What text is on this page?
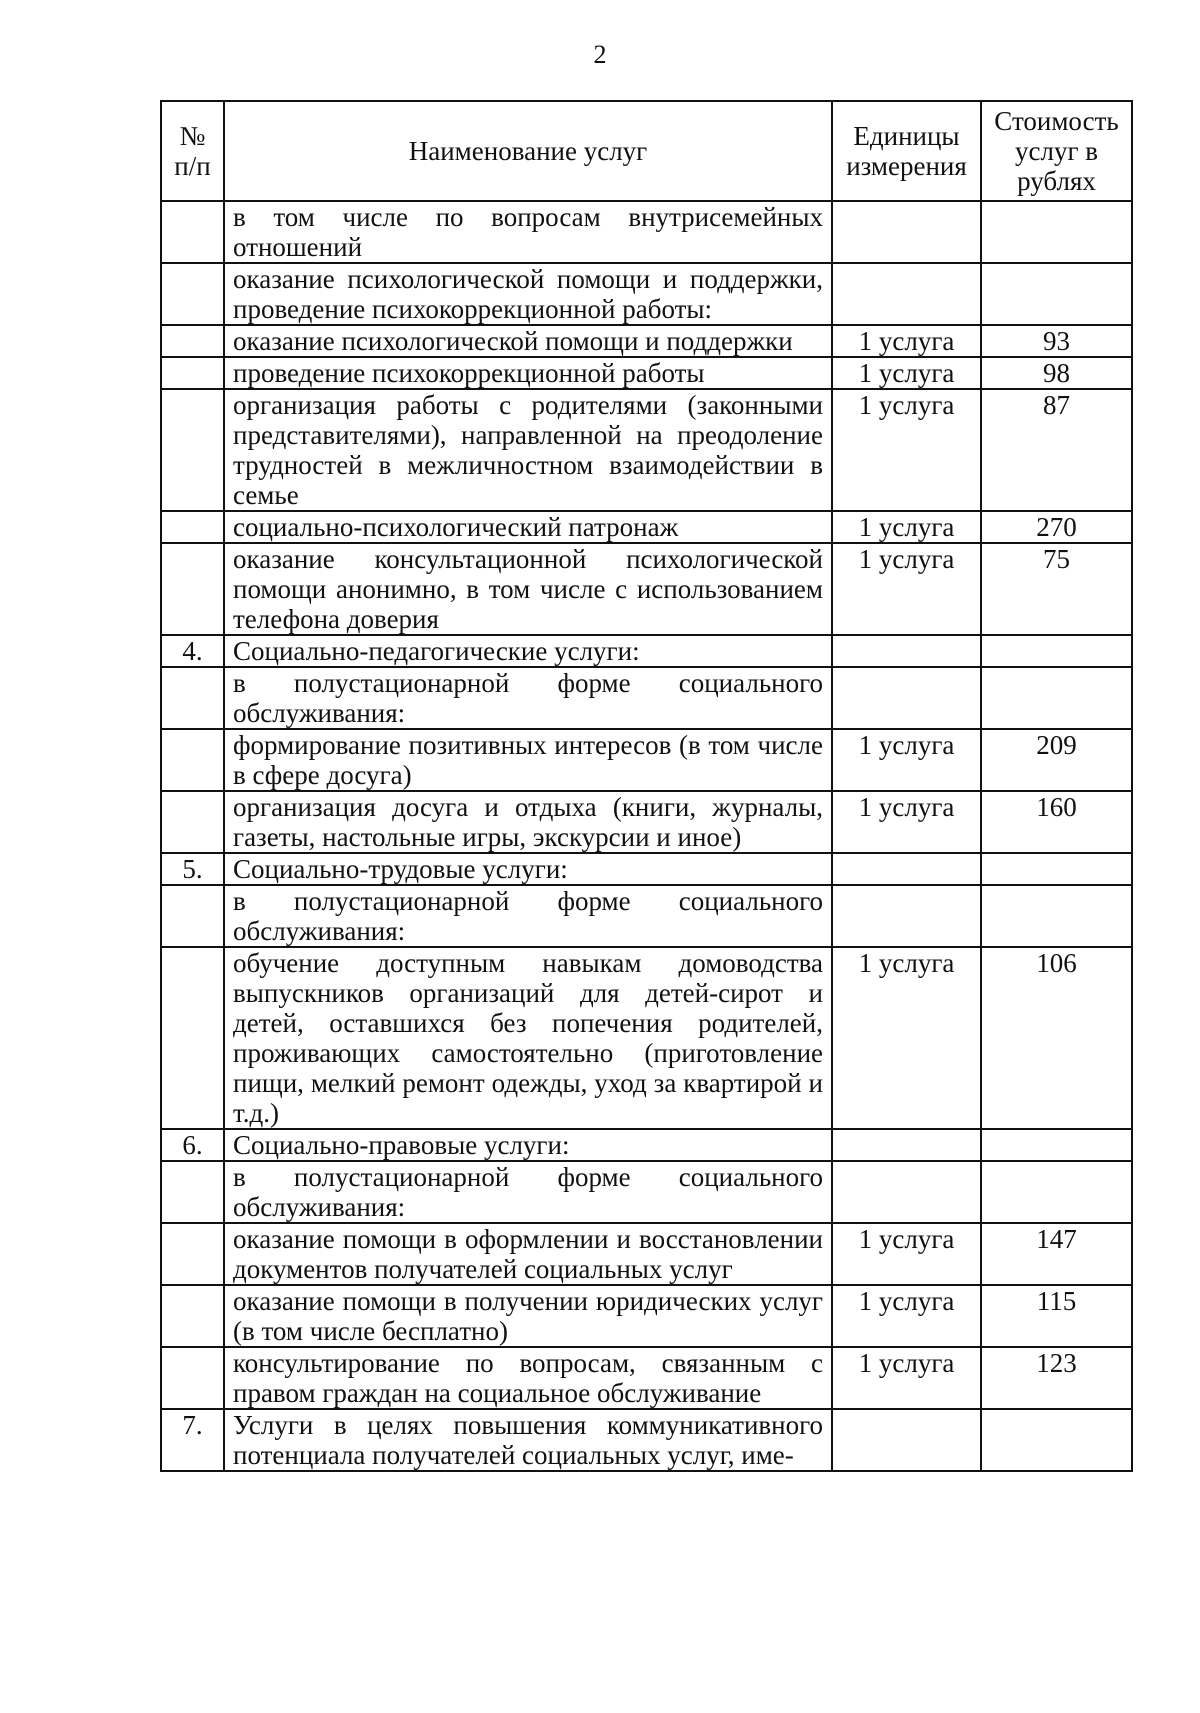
2
№ п/п	Наименование услуг	Единицы измерения	Стоимость услуг в рублях
	в том числе по вопросам внутрисемейных отношений		
	оказание психологической помощи и поддержки, проведение психокоррекционной работы:		
	оказание психологической помощи и поддержки	1 услуга	93
	проведение психокоррекционной работы	1 услуга	98
	организация работы с родителями (законными представителями), направленной на преодоление трудностей в межличностном взаимодействии в семье	1 услуга	87
	социально-психологический патронаж	1 услуга	270
	оказание консультационной психологической помощи анонимно, в том числе с использованием телефона доверия	1 услуга	75
4.	Социально-педагогические услуги:		
	в полустационарной форме социального обслуживания:		
	формирование позитивных интересов (в том числе в сфере досуга)	1 услуга	209
	организация досуга и отдыха (книги, журналы, газеты, настольные игры, экскурсии и иное)	1 услуга	160
5.	Социально-трудовые услуги:		
	в полустационарной форме социального обслуживания:		
	обучение доступным навыкам домоводства выпускников организаций для детей-сирот и детей, оставшихся без попечения родителей, проживающих самостоятельно (приготовление пищи, мелкий ремонт одежды, уход за квартирой и т.д.)	1 услуга	106
6.	Социально-правовые услуги:		
	в полустационарной форме социального обслуживания:		
	оказание помощи в оформлении и восстановлении документов получателей социальных услуг	1 услуга	147
	оказание помощи в получении юридических услуг (в том числе бесплатно)	1 услуга	115
	консультирование по вопросам, связанным с правом граждан на социальное обслуживание	1 услуга	123
7.	Услуги в целях повышения коммуникативного потенциала получателей социальных услуг, име-		
